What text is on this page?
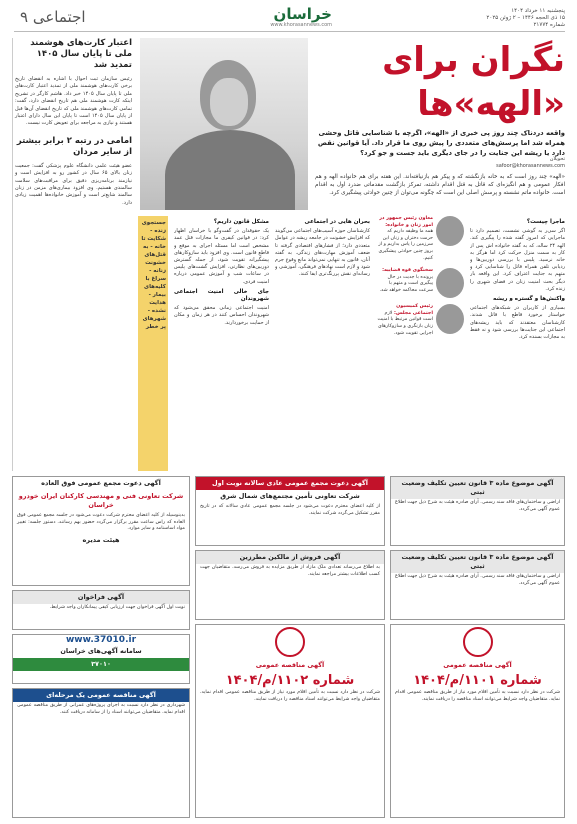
اجتماعی ۹	خراسان
www.khorasannews.com
پنجشنبه ۱۱ خرداد ۱۴۰۴
۱۵ ذی الحجه ۱۴۴۶ – ۲ ژوئن ۲۰۲۵
شماره ۲۱۷۷۴
اعتبار کارت‌های هوشمند ملی تا پایان سال ۱۴۰۵ تمدید شد
رئیس سازمان ثبت احوال با اشاره به انقضای تاریخ برخی کارت‌های هوشمند ملی از تمدید اعتبار کارت‌های ملی تا پایان سال ۱۴۰۵ خبر داد. هاشم کارگر در تشریح اینکه کارت هوشمند ملی هم تاریخ انقضای دارد، گفت: تمامی کارت‌های هوشمند ملی که تاریخ انقضای آن‌ها قبل از پایان سال ۱۴۰۵ است تا پایان این سال دارای اعتبار هستند و نیازی به مراجعه برای تعویض کارت نیست.
امامی در رتبه ۲ برابر بیشتر از سایر مردان
عضو هیئت علمی دانشگاه علوم پزشکی گفت: جمعیت زنان بالای ۶۵ سال در کشور رو به افزایش است و نیازمند برنامه‌ریزی دقیق برای مراقبت‌های سلامت سالمندی هستیم. وی افزود بیماری‌های مزمن در زنان سالمند شایع‌تر است و آموزش خانواده‌ها اهمیت زیادی دارد.
نگران برای «الهه»ها
واقعه دردناک چند روز پی خبری از «الهه»، اگرچه با شناسایی قاتل وحشی همراه شد اما پرسش‌های متعددی را پیش روی ما قرار داد. آیا قوانین نقص دارد یا ریشه این جنایت را در جای دیگری باید جست و جو کرد؟
تحویلان
safoor@khorasannews.com
«الهه» چند روز است که به خانه بازنگشته که و پیکر هم بازنیافته‌اند. این هفته برای هم خانواده الهه و هم افکار عمومی و هم انگیزه‌ای که قاتل به قتل اقدام داشته، تمرکز بازگشت مقدماتی ضدرد اول به اقدام است. خانواده ماتم نشسته و پرسش اصلی این است که چگونه می‌توان از چنین حوادثی پیشگیری کرد.
ماجرا چیست؟
اگر سی‌ر به گوشی نشست، تصمیم دارد تا ماجرایی که امروز گفته شده را پیگیری کند. الهه ۲۴ ساله، که به گفته خانواده اش پس از کار به سمت منزل حرکت کرد اما هرگز به خانه نرسید. پلیس با بررسی دوربین‌ها و ردیابی تلفن همراه قاتل را شناسایی کرد و متهم به جنایت اعتراف کرد. این واقعه بار دیگر بحث امنیت زنان در فضای شهری را زنده کرد.
واکنش‌ها و گستره و ریشه
بسیاری از کاربران در شبکه‌های اجتماعی خواستار برخورد قاطع با قاتل شدند. کارشناسان معتقدند که باید ریشه‌های اجتماعی این جنایت‌ها بررسی شود و نه فقط به مجازات بسنده کرد.
معاون رئیس جمهور در امور زنان و خانواده: همه ما وظیفه داریم که حرمت دختران و زنان این سرزمین را پاس بداریم و از بروز چنین حوادثی پیشگیری کنیم.
سخنگوی قوه قضاییه: پرونده با جدیت در حال پیگیری است و متهم با سرعت محاکمه خواهد شد.
رئیس کمیسیون اجتماعی مجلس: لازم است قوانین مرتبط با امنیت زنان بازنگری و سازوکارهای اجرایی تقویت شود.
بحران هایی در اجتماعی
کارشناسان حوزه آسیب‌های اجتماعی می‌گویند که افزایش خشونت در جامعه ریشه در عوامل متعددی دارد؛ از فشارهای اقتصادی گرفته تا ضعف آموزش مهارت‌های زندگی. به گفته آنان، قانون به تنهایی نمی‌تواند مانع وقوع جرم شود و لازم است نهادهای فرهنگی، آموزشی و رسانه‌ای نقش پررنگ‌تری ایفا کنند.
مشکل قانون داریم؟
یک حقوقدان در گفت‌وگو با خراسان اظهار کرد: در قوانین کیفری ما مجازات قتل عمد مشخص است اما مسئله اجرای به موقع و قاطع قانون است. وی افزود باید سازوکارهای پیشگیرانه تقویت شود، از جمله گسترش دوربین‌های نظارتی، افزایش گشت‌های پلیس در ساعات شب و آموزش عمومی درباره امنیت فردی.
جای خالی امنیت اجتماعی شهروندان
امنیت اجتماعی زمانی محقق می‌شود که شهروندان احساس کنند در هر زمان و مکان از حمایت برخوردارند.
جستجوی زنده - شکایت تا خانه - به قتل‌های خشونت زنانه - سراغ با کلیه‌های بیمار - هدایت نشده - شهرهای پر خطر
آگهی موضوع ماده ۳ قانون تعیین تکلیف وضعیت ثبتی
اراضی و ساختمان‌های فاقد سند رسمی. آرای صادره هیئت به شرح ذیل جهت اطلاع عموم آگهی می‌گردد.
آگهی موضوع ماده ۳ قانون تعیین تکلیف وضعیت ثبتی
اراضی و ساختمان‌های فاقد سند رسمی. آرای صادره هیئت به شرح ذیل جهت اطلاع عموم آگهی می‌گردد.
آگهی مناقصه عمومی
شماره ۱۱۰۱/م/۱۴۰۴
شرکت در نظر دارد نسبت به تأمین اقلام مورد نیاز از طریق مناقصه عمومی اقدام نماید. متقاضیان واجد شرایط می‌توانند اسناد مناقصه را دریافت نمایند.
آگهی دعوت مجمع عمومی عادی سالانه نوبت اول
شرکت تعاونی تأمین مجتمع‌های شمال شرق
از کلیه اعضای محترم دعوت می‌شود در جلسه مجمع عمومی عادی سالانه که در تاریخ مقرر تشکیل می‌گردد شرکت نمایند.
آگهی فروش از مالکین مطرزين
به اطلاع می‌رساند تعدادی ملک مازاد از طریق مزایده به فروش می‌رسد. متقاضیان جهت کسب اطلاعات بیشتر مراجعه نمایند.
آگهی مناقصه عمومی
شماره ۱۱۰۲/م/۱۴۰۴
شرکت در نظر دارد نسبت به تأمین اقلام مورد نیاز از طریق مناقصه عمومی اقدام نماید. متقاضیان واجد شرایط می‌توانند اسناد مناقصه را دریافت نمایند.
آگهی دعوت مجمع عمومی فوق العاده
شرکت تعاونی فنی و مهندسی کارکنان ایران خودرو خراسان
بدینوسیله از کلیه اعضای محترم شرکت دعوت می‌شود در جلسه مجمع عمومی فوق العاده که راس ساعت مقرر برگزار می‌گردد حضور بهم رسانند. دستور جلسه: تغییر مواد اساسنامه و سایر موارد.
هیئت مدیره
آگهی فراخوان
نوبت اول آگهی فراخوان جهت ارزیابی کیفی پیمانکاران واجد شرایط.
www.37010.ir
سامانه آگهی‌های خراسان
۳۷۰۱۰
آگهی مناقصه عمومی یک مرحله‌ای
شهرداری در نظر دارد نسبت به اجرای پروژه‌های عمرانی از طریق مناقصه عمومی اقدام نماید. متقاضیان می‌توانند اسناد را از سامانه دریافت کنند.
